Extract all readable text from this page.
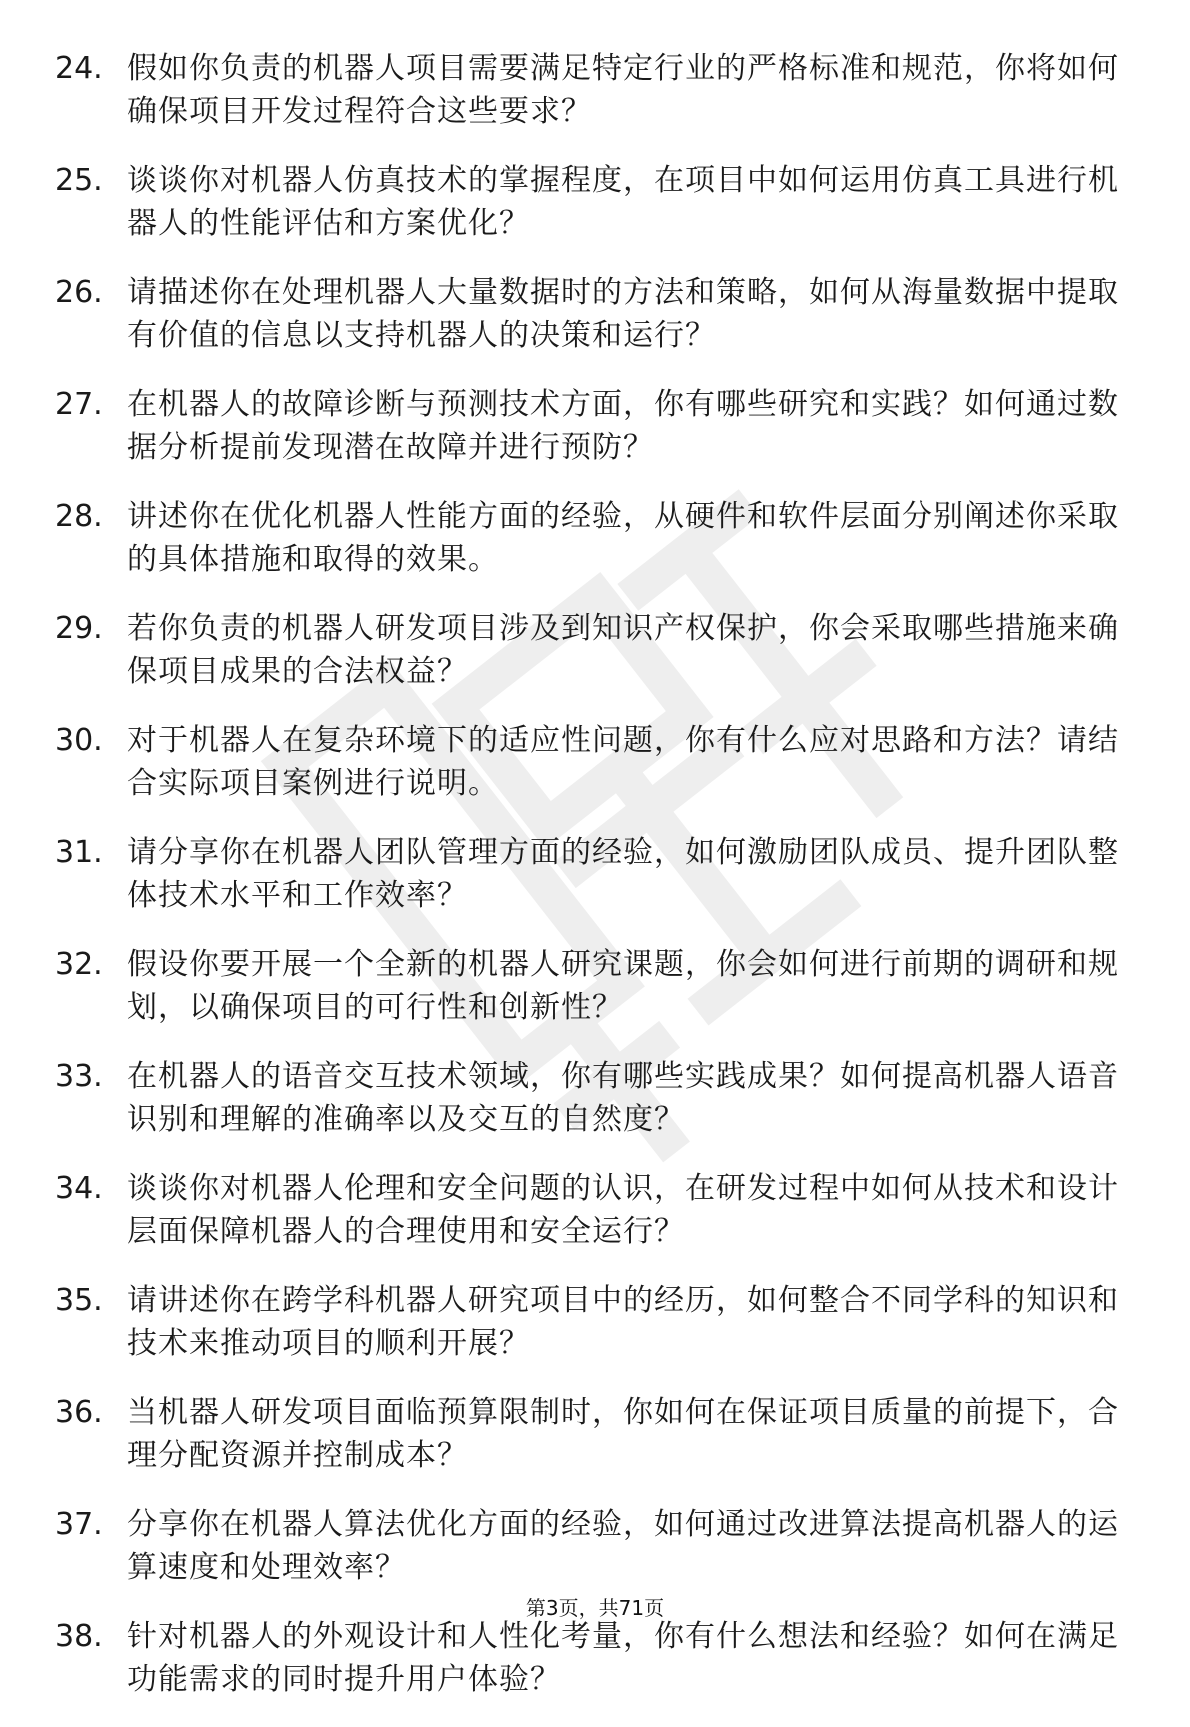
24. 假如你负责的机器人项目需要满足特定行业的严格标准和规范，你将如何确保项目开发过程符合这些要求？
25. 谈谈你对机器人仿真技术的掌握程度，在项目中如何运用仿真工具进行机器人的性能评估和方案优化？
26. 请描述你在处理机器人大量数据时的方法和策略，如何从海量数据中提取有价值的信息以支持机器人的决策和运行？
27. 在机器人的故障诊断与预测技术方面，你有哪些研究和实践？如何通过数据分析提前发现潜在故障并进行预防？
28. 讲述你在优化机器人性能方面的经验，从硬件和软件层面分别阐述你采取的具体措施和取得的效果。
29. 若你负责的机器人研发项目涉及到知识产权保护，你会采取哪些措施来确保项目成果的合法权益？
30. 对于机器人在复杂环境下的适应性问题，你有什么应对思路和方法？请结合实际项目案例进行说明。
31. 请分享你在机器人团队管理方面的经验，如何激励团队成员、提升团队整体技术水平和工作效率？
32. 假设你要开展一个全新的机器人研究课题，你会如何进行前期的调研和规划，以确保项目的可行性和创新性？
33. 在机器人的语音交互技术领域，你有哪些实践成果？如何提高机器人语音识别和理解的准确率以及交互的自然度？
34. 谈谈你对机器人伦理和安全问题的认识，在研发过程中如何从技术和设计层面保障机器人的合理使用和安全运行？
35. 请讲述你在跨学科机器人研究项目中的经历，如何整合不同学科的知识和技术来推动项目的顺利开展？
36. 当机器人研发项目面临预算限制时，你如何在保证项目质量的前提下，合理分配资源并控制成本？
37. 分享你在机器人算法优化方面的经验，如何通过改进算法提高机器人的运算速度和处理效率？
38. 针对机器人的外观设计和人性化考量，你有什么想法和经验？如何在满足功能需求的同时提升用户体验？
第3页，共71页
